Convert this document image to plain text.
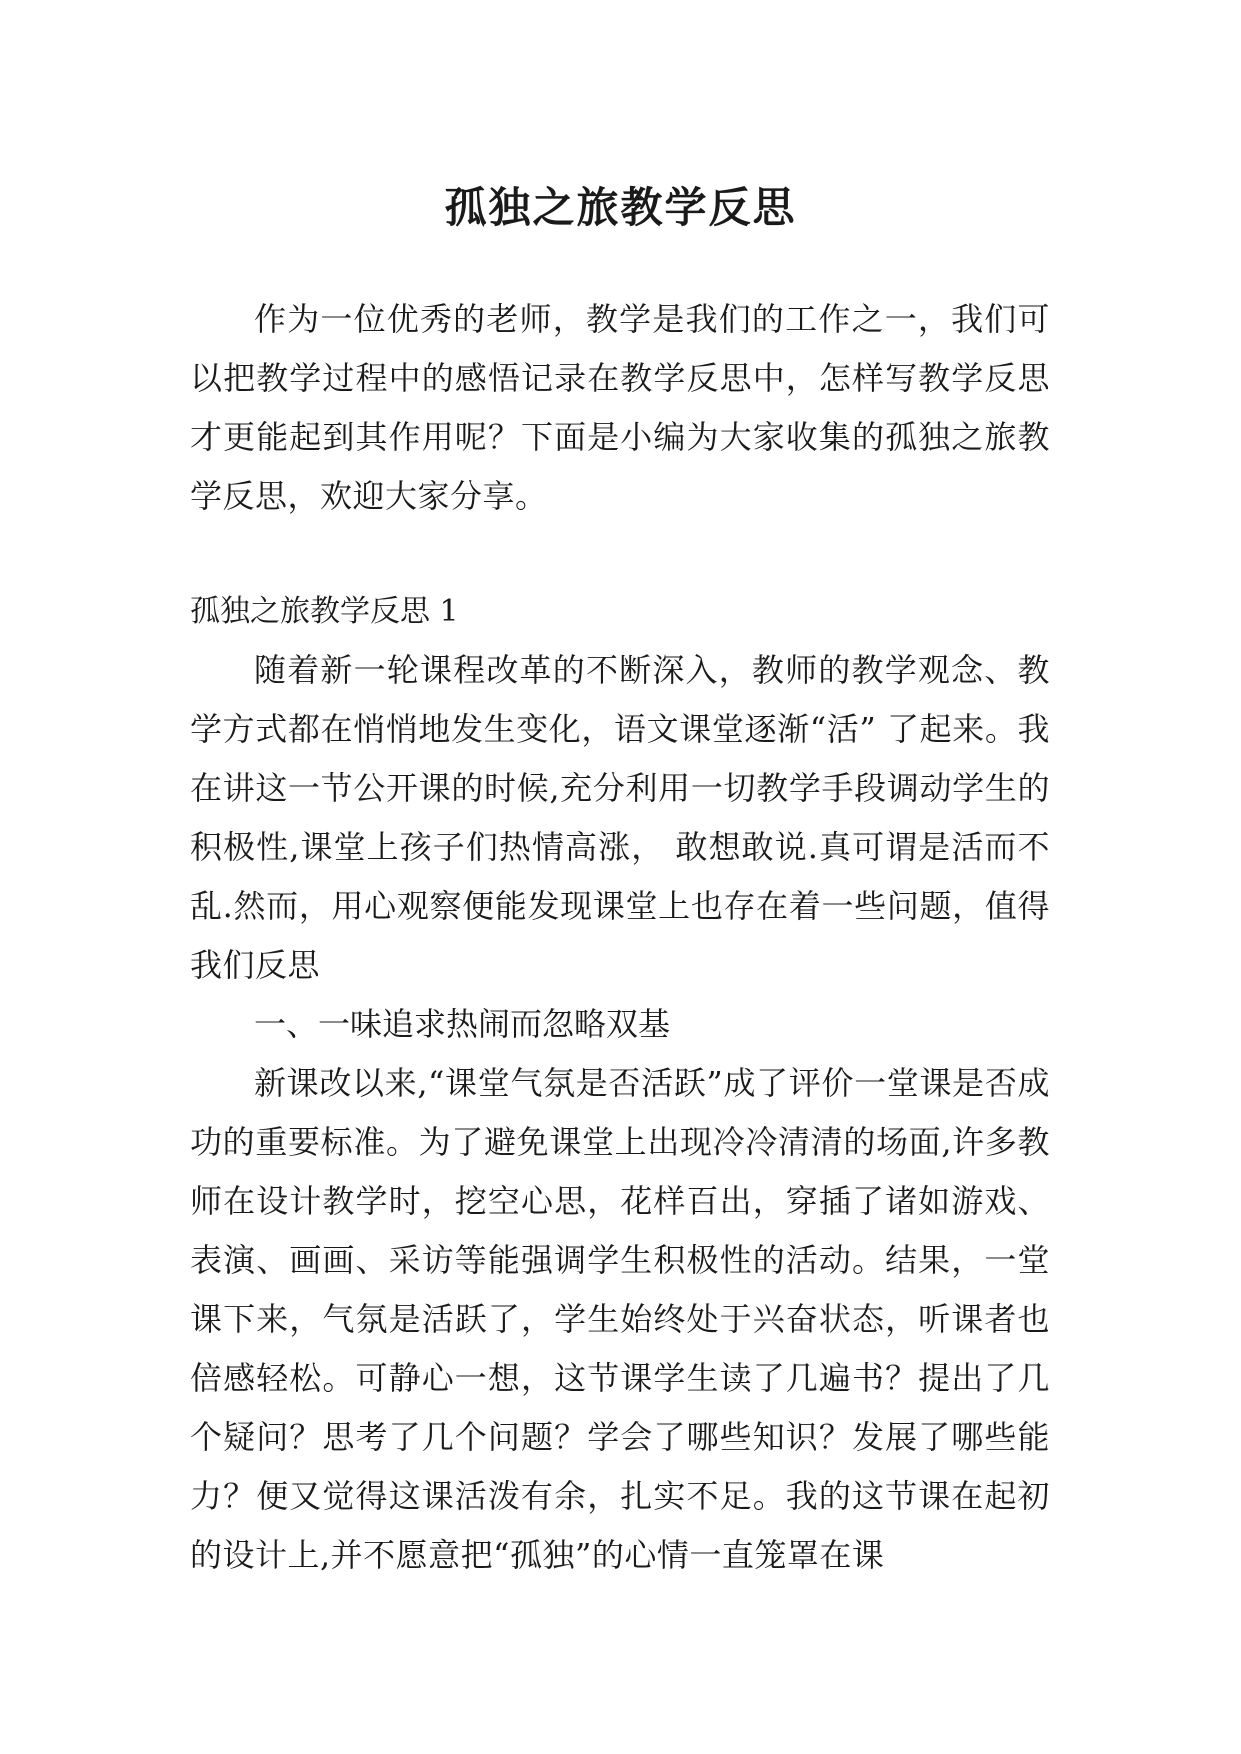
孤独之旅教学反思

作为一位优秀的老师，教学是我们的工作之一，我们可以把教学过程中的感悟记录在教学反思中，怎样写教学反思才更能起到其作用呢？下面是小编为大家收集的孤独之旅教学反思，欢迎大家分享。

孤独之旅教学反思 1

随着新一轮课程改革的不断深入，教师的教学观念、教学方式都在悄悄地发生变化，语文课堂逐渐“活” 了起来。我在讲这一节公开课的时候,充分利用一切教学手段调动学生的积极性,课堂上孩子们热情高涨， 敢想敢说.真可谓是活而不乱.然而，用心观察便能发现课堂上也存在着一些问题，值得我们反思

一、一味追求热闹而忽略双基

新课改以来,“课堂气氛是否活跃”成了评价一堂课是否成功的重要标准。为了避免课堂上出现冷冷清清的场面,许多教师在设计教学时，挖空心思，花样百出，穿插了诸如游戏、表演、画画、采访等能强调学生积极性的活动。结果，一堂课下来，气氛是活跃了，学生始终处于兴奋状态，听课者也倍感轻松。可静心一想，这节课学生读了几遍书？提出了几个疑问？思考了几个问题？学会了哪些知识？发展了哪些能力？便又觉得这课活泼有余，扎实不足。我的这节课在起初的设计上,并不愿意把“孤独”的心情一直笼罩在课
